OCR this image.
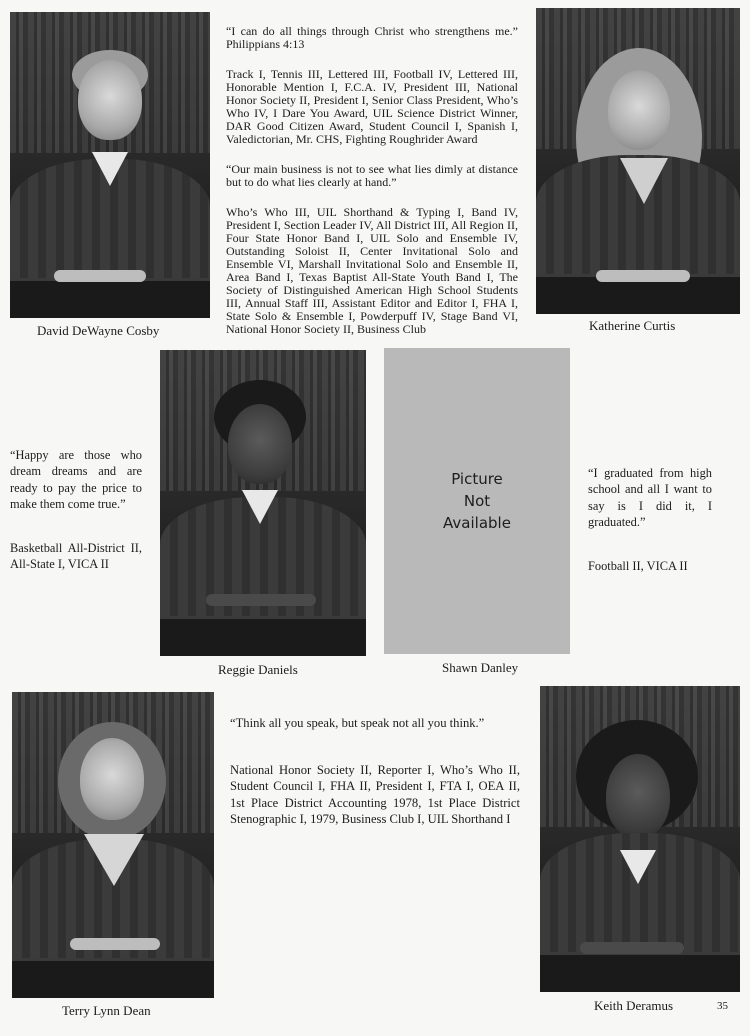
David DeWayne Cosby	Katherine Curtis

“I can do all things through Christ who strengthens me.” Philippians 4:13

Track I, Tennis III, Lettered III, Football IV, Lettered III, Honorable Mention I, F.C.A. IV, President III, National Honor Society II, President I, Senior Class President, Who’s Who IV, I Dare You Award, UIL Science District Winner, DAR Good Citizen Award, Student Council I, Spanish I, Valedictorian, Mr. CHS, Fighting Roughrider Award

“Our main business is not to see what lies dimly at distance but to do what lies clearly at hand.”

Who’s Who III, UIL Shorthand & Typing I, Band IV, President I, Section Leader IV, All District III, All Region II, Four State Honor Band I, UIL Solo and Ensemble IV, Outstanding Soloist II, Center Invitational Solo and Ensemble VI, Marshall Invitational Solo and Ensemble II, Area Band I, Texas Baptist All-State Youth Band I, The Society of Distinguished American High School Students III, Annual Staff III, Assistant Editor and Editor I, FHA I, State Solo & Ensemble I, Powderpuff IV, Stage Band VI, National Honor Society II, Business Club

“Happy are those who dream dreams and are ready to pay the price to make them come true.”

Basketball All-District II, All-State I, VICA II

Picture
Not
Available

“I graduated from high school and all I want to say is I did it, I graduated.”

Football II, VICA II

Reggie Daniels	Shawn Danley

“Think all you speak, but speak not all you think.”

National Honor Society II, Reporter I, Who’s Who II, Student Council I, FHA II, President I, FTA I, OEA II, 1st Place District Accounting 1978, 1st Place District Stenographic I, 1979, Business Club I, UIL Shorthand I

Terry Lynn Dean	Keith Deramus	35
